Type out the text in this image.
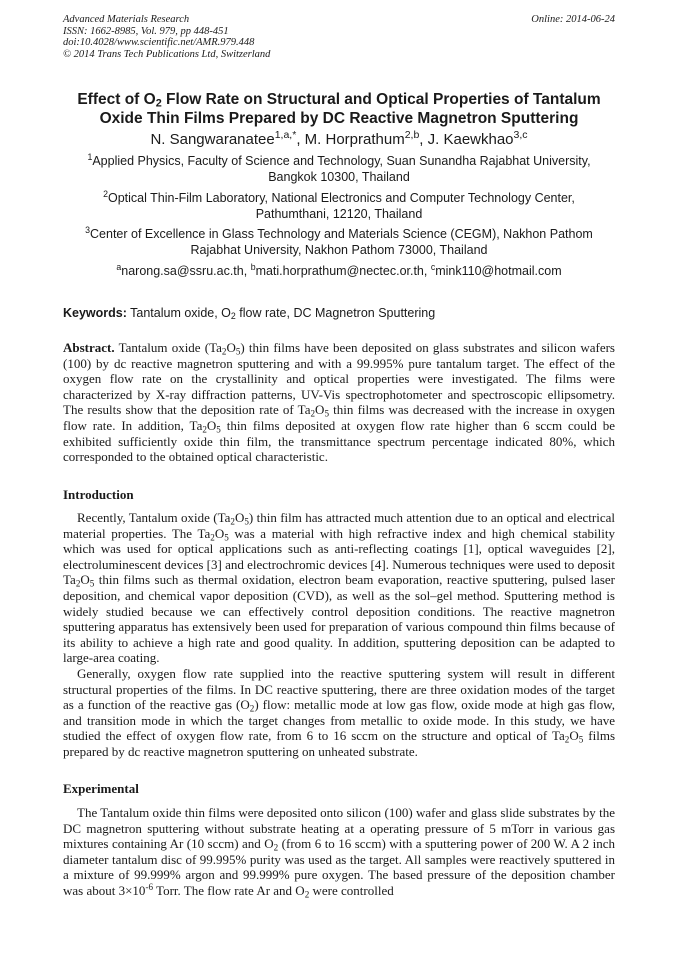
Advanced Materials Research
ISSN: 1662-8985, Vol. 979, pp 448-451
doi:10.4028/www.scientific.net/AMR.979.448
© 2014 Trans Tech Publications Ltd, Switzerland
Online: 2014-06-24
Effect of $O_2$ Flow Rate on Structural and Optical Properties of Tantalum
Oxide Thin Films Prepared by DC Reactive Magnetron Sputtering
N. Sangwaranatee$^{1,a,*}$, M. Horprathum$^{2,b}$, J. Kaewkhao$^{3,c}$
$^1$Applied Physics, Faculty of Science and Technology, Suan Sunandha Rajabhat University,
Bangkok 10300, Thailand
$^2$Optical Thin-Film Laboratory, National Electronics and Computer Technology Center,
Pathumthani, 12120, Thailand
$^3$Center of Excellence in Glass Technology and Materials Science (CEGM), Nakhon Pathom
Rajabhat University, Nakhon Pathom 73000, Thailand
$^a$narong.sa@ssru.ac.th, $^b$mati.horprathum@nectec.or.th, $^c$mink110@hotmail.com
Keywords: Tantalum oxide, $O_2$ flow rate, DC Magnetron Sputtering

Abstract. Tantalum oxide $(Ta_2O_5)$ thin films have been deposited on glass substrates and silicon wafers (100) by dc reactive magnetron sputtering and with a 99.995% pure tantalum target. The effect of the oxygen flow rate on the crystallinity and optical properties were investigated. The films were characterized by X-ray diffraction patterns, UV-Vis spectrophotometer and spectroscopic ellipsometry. The results show that the deposition rate of $Ta_2O_5$ thin films was decreased with the increase in oxygen flow rate. In addition, $Ta_2O_5$ thin films deposited at oxygen flow rate higher than 6 sccm could be exhibited sufficiently oxide thin film, the transmittance spectrum percentage indicated 80%, which corresponded to the obtained optical characteristic.

Introduction

Recently, Tantalum oxide $(Ta_2O_5)$ thin film has attracted much attention due to an optical and electrical material properties. The $Ta_2O_5$ was a material with high refractive index and high chemical stability which was used for optical applications such as anti-reflecting coatings [1], optical waveguides [2], electroluminescent devices [3] and electrochromic devices [4]. Numerous techniques were used to deposit $Ta_2O_5$ thin films such as thermal oxidation, electron beam evaporation, reactive sputtering, pulsed laser deposition, and chemical vapor deposition (CVD), as well as the sol–gel method. Sputtering method is widely studied because we can effectively control deposition conditions. The reactive magnetron sputtering apparatus has extensively been used for preparation of various compound thin films because of its ability to achieve a high rate and good quality. In addition, sputtering deposition can be adapted to large-area coating.

Generally, oxygen flow rate supplied into the reactive sputtering system will result in different structural properties of the films. In DC reactive sputtering, there are three oxidation modes of the target as a function of the reactive gas $(O_2)$ flow: metallic mode at low gas flow, oxide mode at high gas flow, and transition mode in which the target changes from metallic to oxide mode. In this study, we have studied the effect of oxygen flow rate, from 6 to 16 sccm on the structure and optical of $Ta_2O_5$ films prepared by dc reactive magnetron sputtering on unheated substrate.

Experimental

The Tantalum oxide thin films were deposited onto silicon (100) wafer and glass slide substrates by the DC magnetron sputtering without substrate heating at a operating pressure of 5 mTorr in various gas mixtures containing Ar (10 sccm) and $O_2$ (from 6 to 16 sccm) with a sputtering power of 200 W. A 2 inch diameter tantalum disc of 99.995% purity was used as the target. All samples were reactively sputtered in a mixture of 99.999% argon and 99.999% pure oxygen. The based pressure of the deposition chamber was about $3\times 10^{-6}$ Torr. The flow rate Ar and $O_2$ were controlled
